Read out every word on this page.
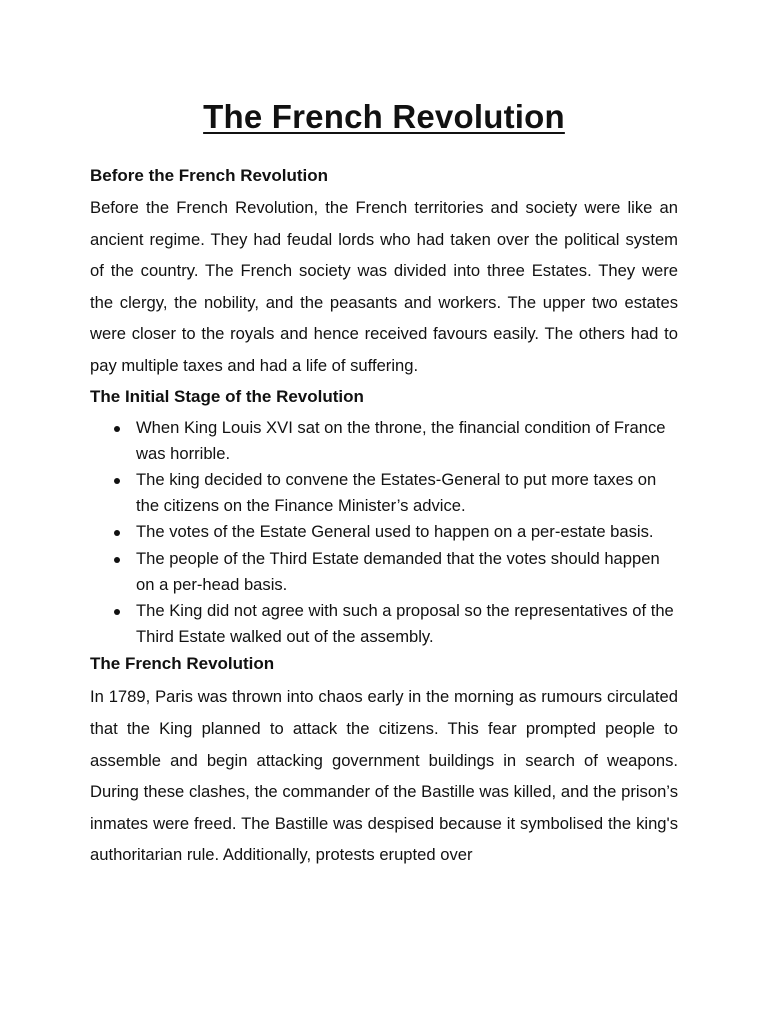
The French Revolution
Before the French Revolution

Before the French Revolution, the French territories and society were like an ancient regime. They had feudal lords who had taken over the political system of the country. The French society was divided into three Estates. They were the clergy, the nobility, and the peasants and workers. The upper two estates were closer to the royals and hence received favours easily. The others had to pay multiple taxes and had a life of suffering.

The Initial Stage of the Revolution
When King Louis XVI sat on the throne, the financial condition of France was horrible.
The king decided to convene the Estates-General to put more taxes on the citizens on the Finance Minister’s advice.
The votes of the Estate General used to happen on a per-estate basis.
The people of the Third Estate demanded that the votes should happen on a per-head basis.
The King did not agree with such a proposal so the representatives of the Third Estate walked out of the assembly.
The French Revolution

In 1789, Paris was thrown into chaos early in the morning as rumours circulated that the King planned to attack the citizens. This fear prompted people to assemble and begin attacking government buildings in search of weapons. During these clashes, the commander of the Bastille was killed, and the prison’s inmates were freed. The Bastille was despised because it symbolised the king's authoritarian rule. Additionally, protests erupted over
